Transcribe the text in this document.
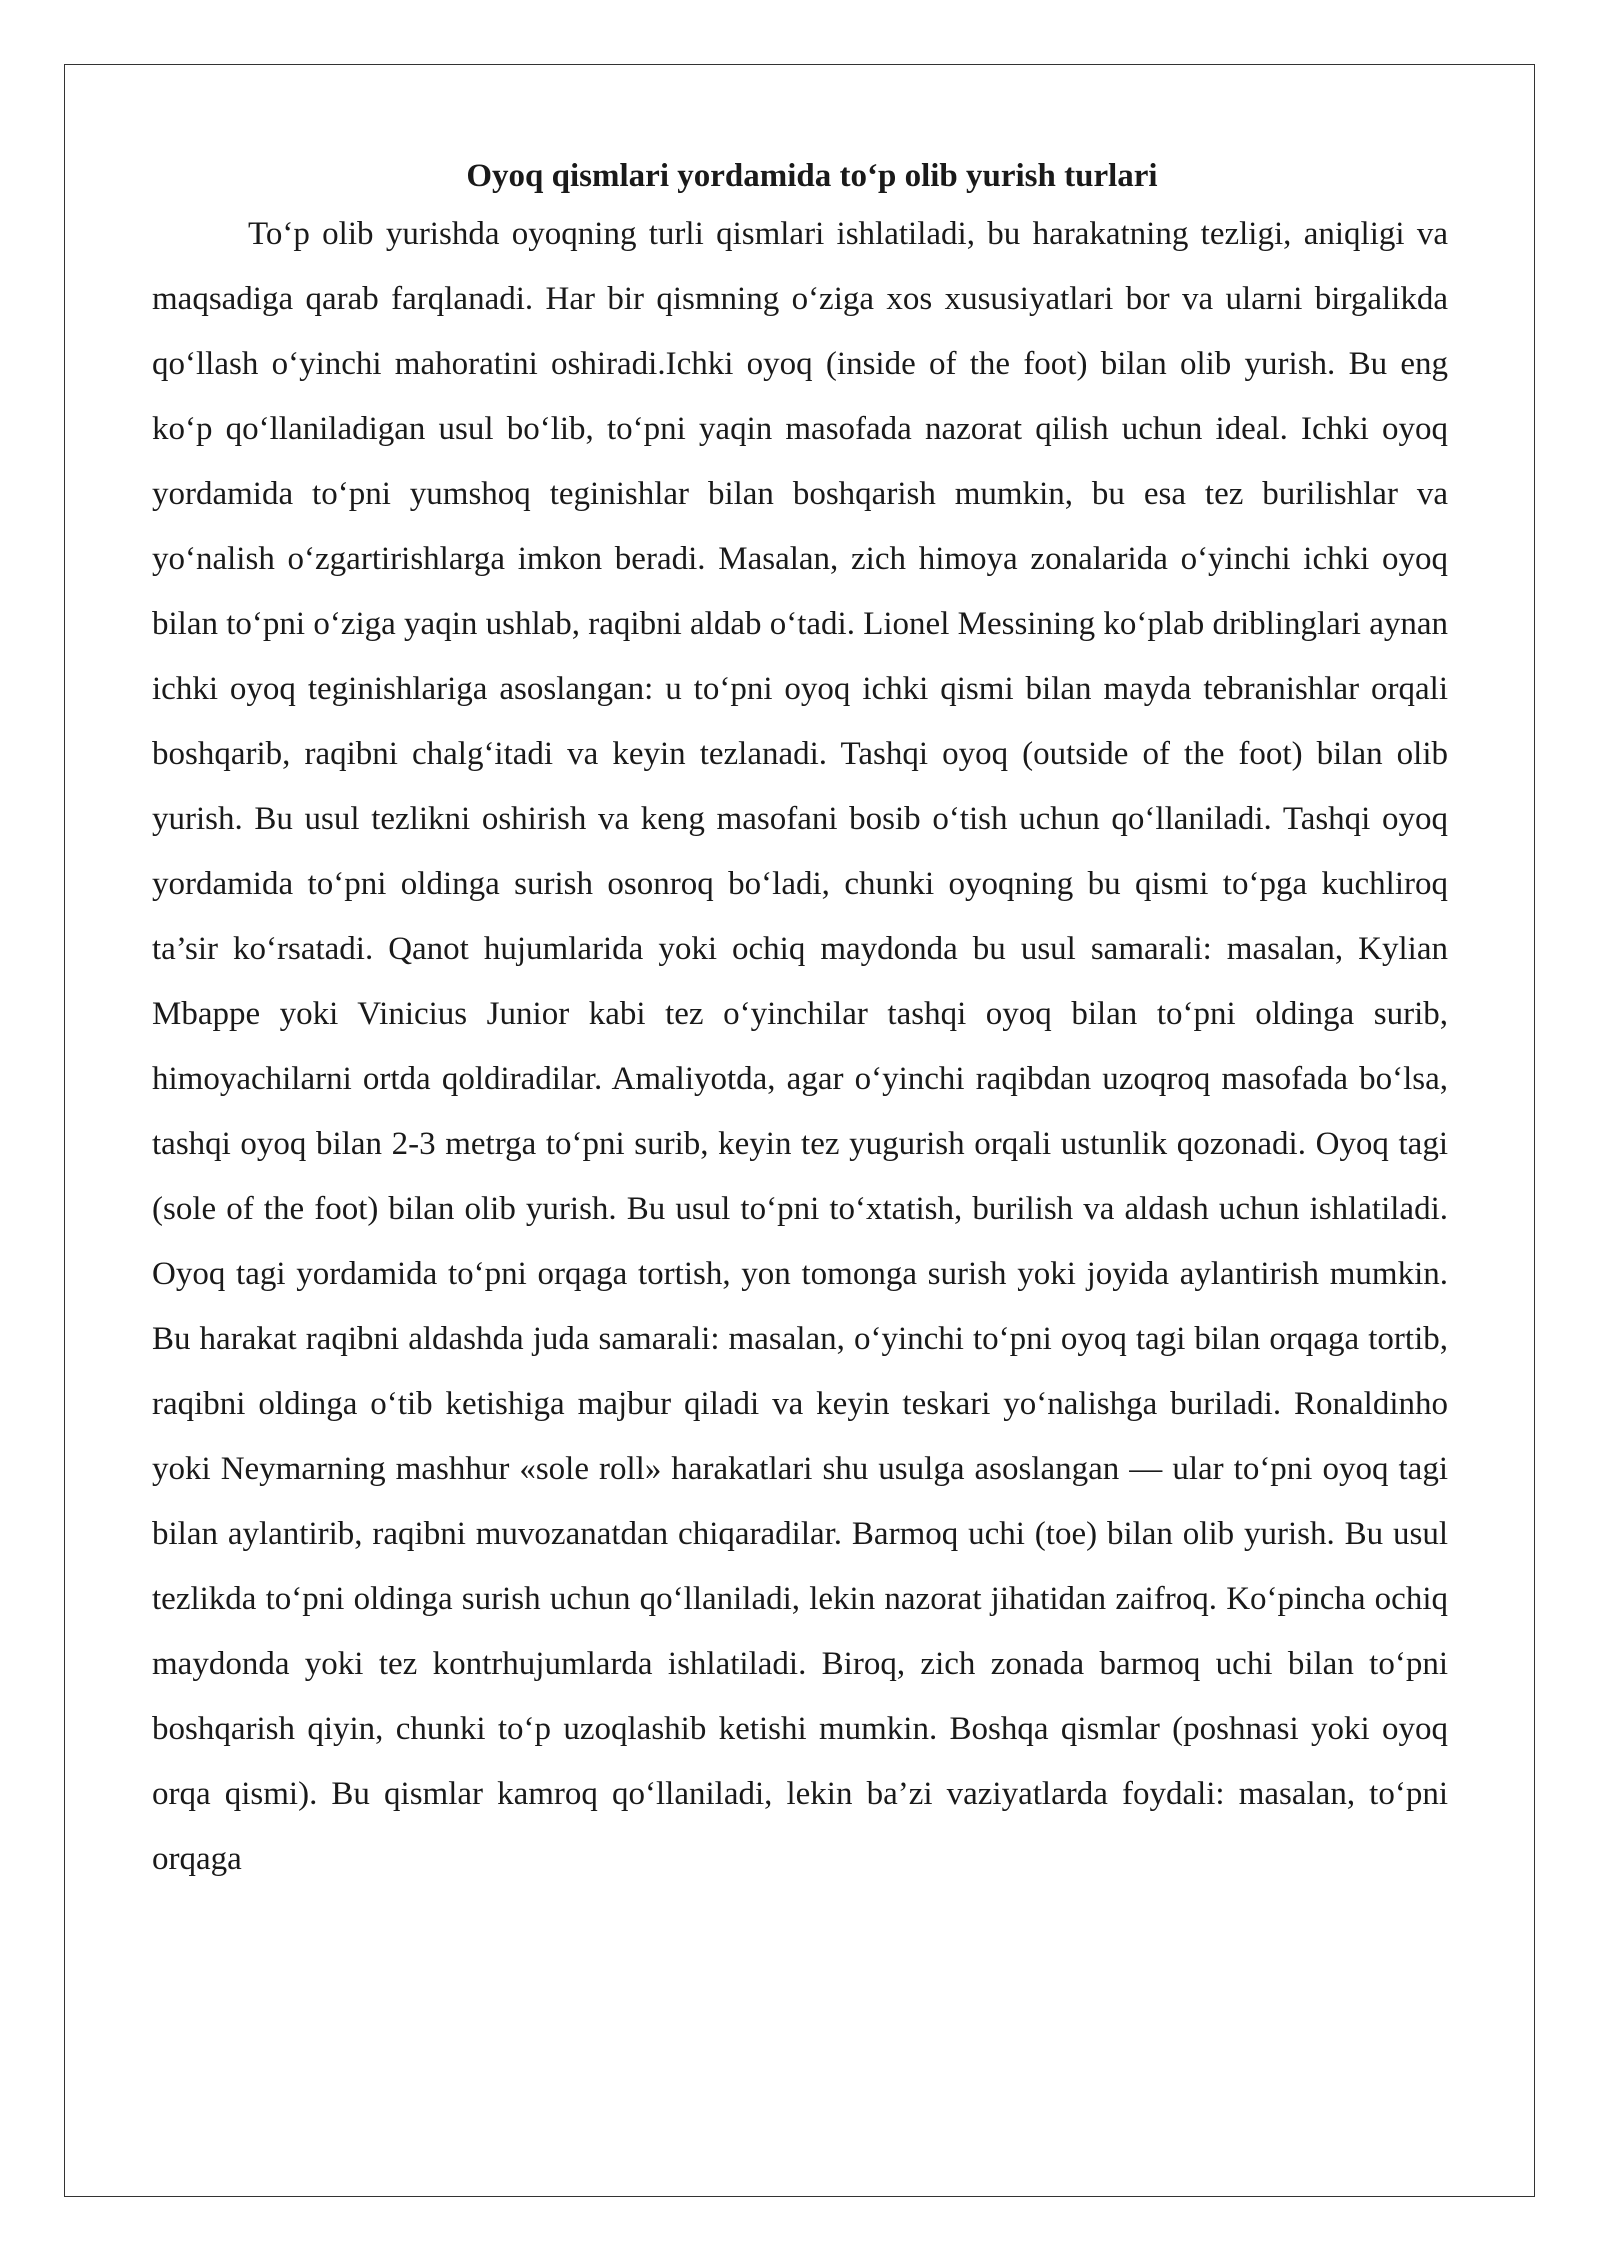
Oyoq qismlari yordamida to‘p olib yurish turlari

To‘p olib yurishda oyoqning turli qismlari ishlatiladi, bu harakatning tezligi, aniqligi va maqsadiga qarab farqlanadi. Har bir qismning o‘ziga xos xususiyatlari bor va ularni birgalikda qo‘llash o‘yinchi mahoratini oshiradi.Ichki oyoq (inside of the foot) bilan olib yurish. Bu eng ko‘p qo‘llaniladigan usul bo‘lib, to‘pni yaqin masofada nazorat qilish uchun ideal. Ichki oyoq yordamida to‘pni yumshoq teginishlar bilan boshqarish mumkin, bu esa tez burilishlar va yo‘nalish o‘zgartirishlarga imkon beradi. Masalan, zich himoya zonalarida o‘yinchi ichki oyoq bilan to‘pni o‘ziga yaqin ushlab, raqibni aldab o‘tadi. Lionel Messining ko‘plab driblinglari aynan ichki oyoq teginishlariga asoslangan: u to‘pni oyoq ichki qismi bilan mayda tebranishlar orqali boshqarib, raqibni chalg‘itadi va keyin tezlanadi. Tashqi oyoq (outside of the foot) bilan olib yurish. Bu usul tezlikni oshirish va keng masofani bosib o‘tish uchun qo‘llaniladi. Tashqi oyoq yordamida to‘pni oldinga surish osonroq bo‘ladi, chunki oyoqning bu qismi to‘pga kuchliroq ta’sir ko‘rsatadi. Qanot hujumlarida yoki ochiq maydonda bu usul samarali: masalan, Kylian Mbappe yoki Vinicius Junior kabi tez o‘yinchilar tashqi oyoq bilan to‘pni oldinga surib, himoyachilarni ortda qoldiradilar. Amaliyotda, agar o‘yinchi raqibdan uzoqroq masofada bo‘lsa, tashqi oyoq bilan 2-3 metrga to‘pni surib, keyin tez yugurish orqali ustunlik qozonadi. Oyoq tagi (sole of the foot) bilan olib yurish. Bu usul to‘pni to‘xtatish, burilish va aldash uchun ishlatiladi. Oyoq tagi yordamida to‘pni orqaga tortish, yon tomonga surish yoki joyida aylantirish mumkin. Bu harakat raqibni aldashda juda samarali: masalan, o‘yinchi to‘pni oyoq tagi bilan orqaga tortib, raqibni oldinga o‘tib ketishiga majbur qiladi va keyin teskari yo‘nalishga buriladi. Ronaldinho yoki Neymarning mashhur «sole roll» harakatlari shu usulga asoslangan — ular to‘pni oyoq tagi bilan aylantirib, raqibni muvozanatdan chiqaradilar. Barmoq uchi (toe) bilan olib yurish. Bu usul tezlikda to‘pni oldinga surish uchun qo‘llaniladi, lekin nazorat jihatidan zaifroq. Ko‘pincha ochiq maydonda yoki tez kontrhujumlarda ishlatiladi. Biroq, zich zonada barmoq uchi bilan to‘pni boshqarish qiyin, chunki to‘p uzoqlashib ketishi mumkin. Boshqa qismlar (poshnasi yoki oyoq orqa qismi). Bu qismlar kamroq qo‘llaniladi, lekin ba’zi vaziyatlarda foydali: masalan, to‘pni orqaga
